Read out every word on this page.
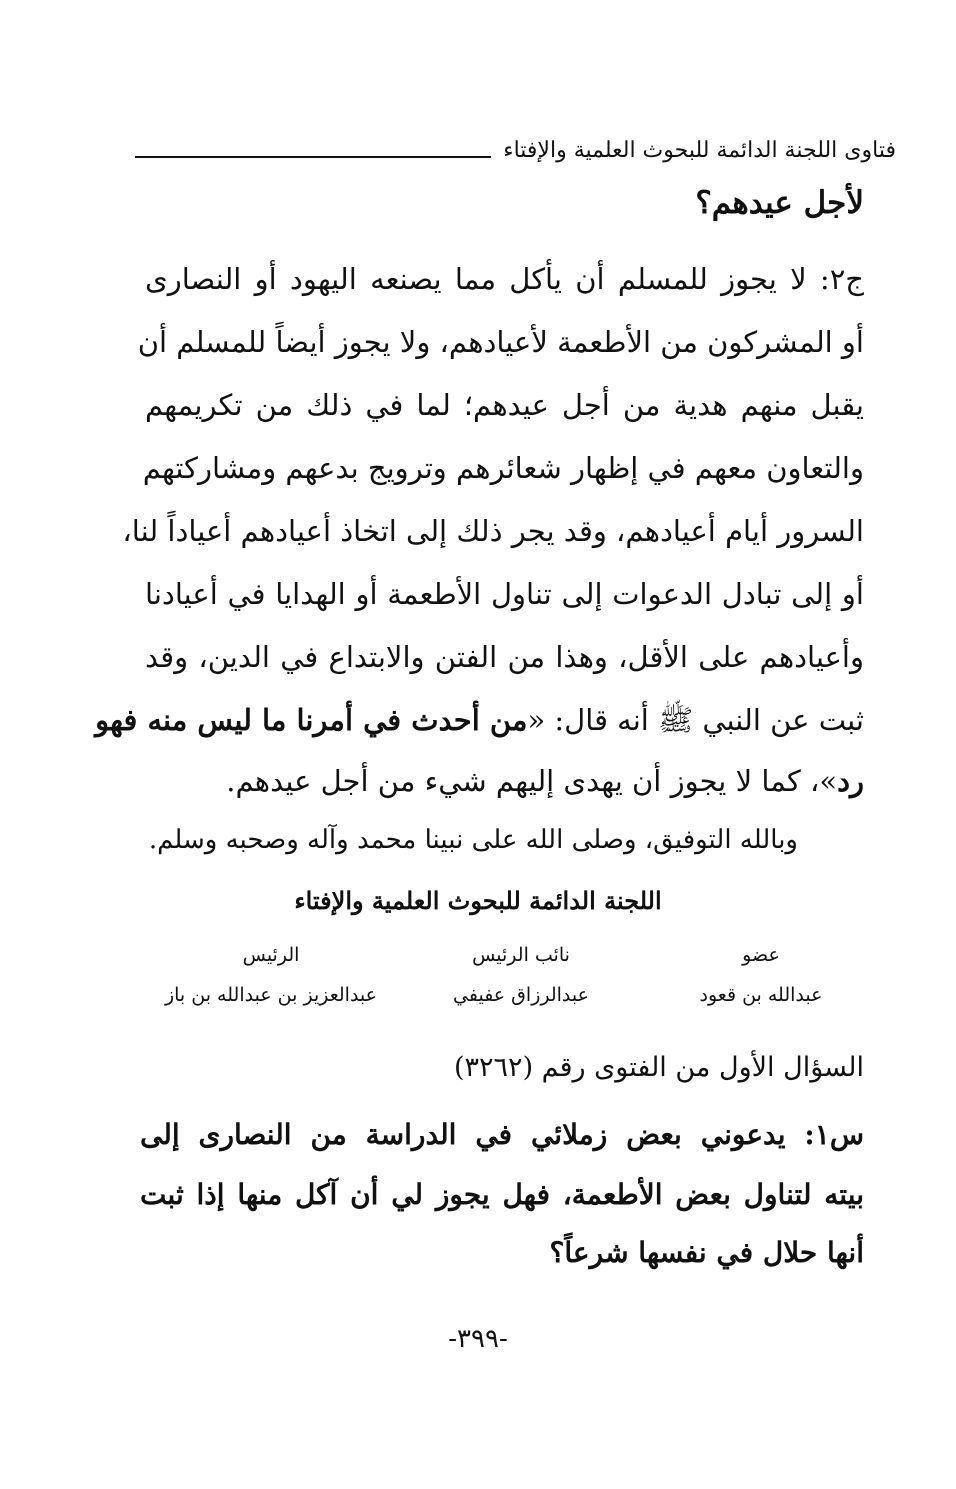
فتاوى اللجنة الدائمة للبحوث العلمية والإفتاء
لأجل عيدهم؟
ج٢: لا يجوز للمسلم أن يأكل مما يصنعه اليهود أو النصارى
أو المشركون من الأطعمة لأعيادهم، ولا يجوز أيضاً للمسلم أن
يقبل منهم هدية من أجل عيدهم؛ لما في ذلك من تكريمهم
والتعاون معهم في إظهار شعائرهم وترويج بدعهم ومشاركتهم
السرور أيام أعيادهم، وقد يجر ذلك إلى اتخاذ أعيادهم أعياداً لنا،
أو إلى تبادل الدعوات إلى تناول الأطعمة أو الهدايا في أعيادنا
وأعيادهم على الأقل، وهذا من الفتن والابتداع في الدين، وقد
ثبت عن النبي ﷺ أنه قال: «من أحدث في أمرنا ما ليس منه فهو
رد»، كما لا يجوز أن يهدى إليهم شيء من أجل عيدهم.
وبالله التوفيق، وصلى الله على نبينا محمد وآله وصحبه وسلم.
اللجنة الدائمة للبحوث العلمية والإفتاء
عضو
نائب الرئيس
الرئيس
عبدالله بن قعود
عبدالرزاق عفيفي
عبدالعزيز بن عبدالله بن باز
السؤال الأول من الفتوى رقم (٣٢٦٢)
س١: يدعوني بعض زملائي في الدراسة من النصارى إلى
بيته لتناول بعض الأطعمة، فهل يجوز لي أن آكل منها إذا ثبت
أنها حلال في نفسها شرعاً؟
-٣٩٩-
